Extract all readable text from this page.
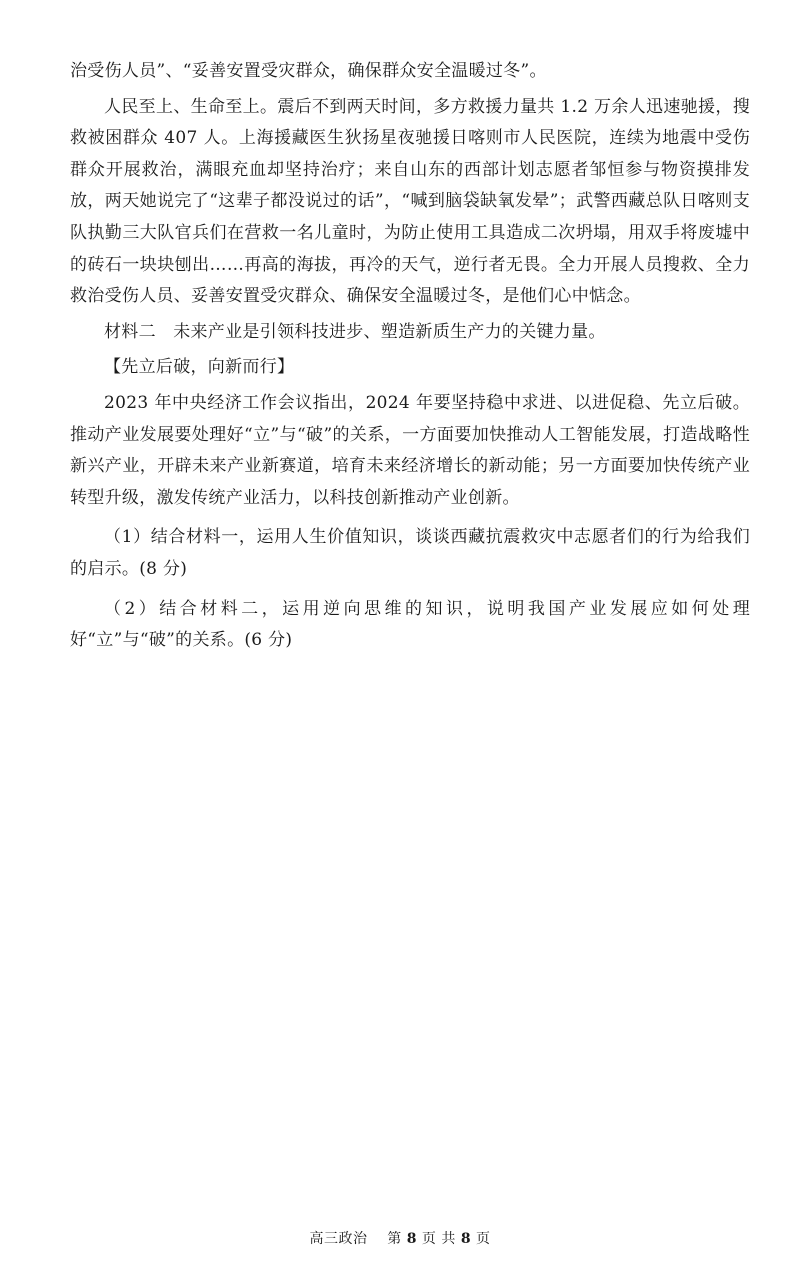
治受伤人员”、“妥善安置受灾群众，确保群众安全温暖过冬”。

人民至上、生命至上。震后不到两天时间，多方救援力量共 1.2 万余人迅速驰援，搜救被困群众 407 人。上海援藏医生狄扬星夜驰援日喀则市人民医院，连续为地震中受伤群众开展救治，满眼充血却坚持治疗；来自山东的西部计划志愿者邹恒参与物资摸排发放，两天她说完了“这辈子都没说过的话”，“喊到脑袋缺氧发晕”；武警西藏总队日喀则支队执勤三大队官兵们在营救一名儿童时，为防止使用工具造成二次坍塌，用双手将废墟中的砖石一块块刨出……再高的海拔，再冷的天气，逆行者无畏。全力开展人员搜救、全力救治受伤人员、妥善安置受灾群众、确保安全温暖过冬，是他们心中惦念。

材料二　未来产业是引领科技进步、塑造新质生产力的关键力量。

【先立后破，向新而行】

2023 年中央经济工作会议指出，2024 年要坚持稳中求进、以进促稳、先立后破。推动产业发展要处理好“立”与“破”的关系，一方面要加快推动人工智能发展，打造战略性新兴产业，开辟未来产业新赛道，培育未来经济增长的新动能；另一方面要加快传统产业转型升级，激发传统产业活力，以科技创新推动产业创新。

（1）结合材料一，运用人生价值知识，谈谈西藏抗震救灾中志愿者们的行为给我们的启示。(8 分)

（2）结合材料二，运用逆向思维的知识，说明我国产业发展应如何处理好“立”与“破”的关系。(6 分)

高三政治 第 8 页 共 8 页
